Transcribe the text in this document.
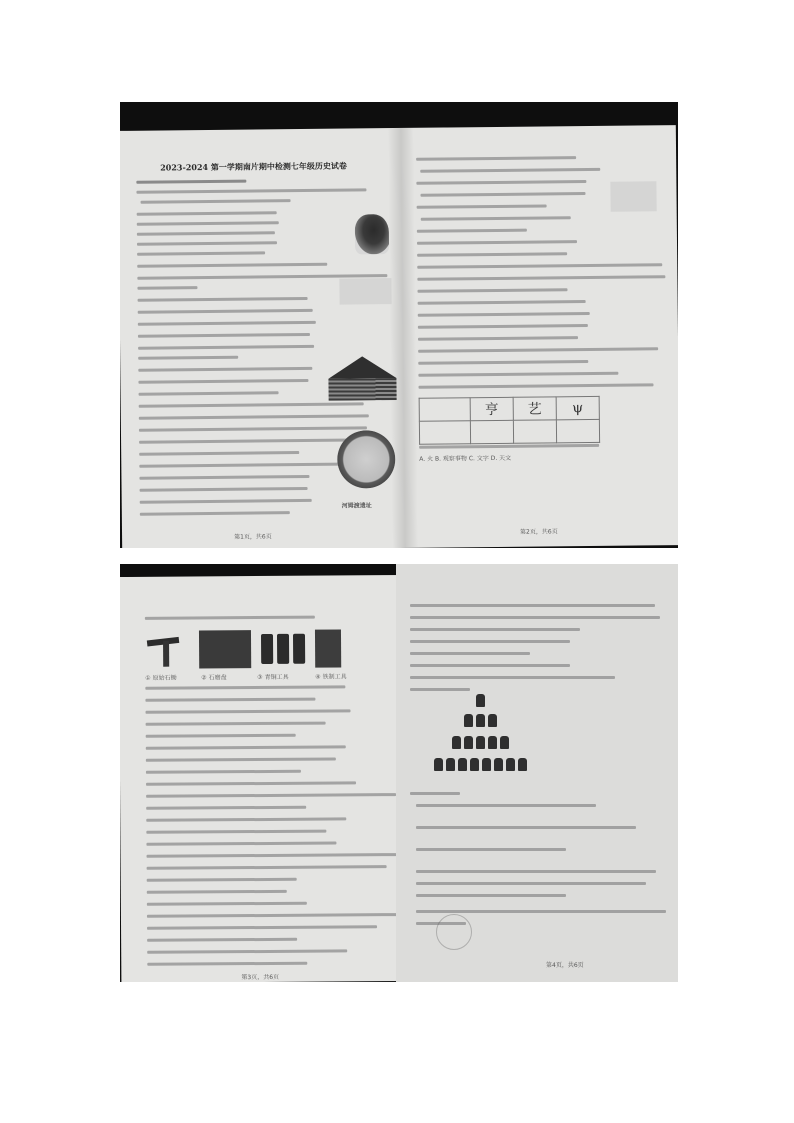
2023-2024 第一学期南片期中检测七年级历史试卷
河姆渡遗址
第1页，共6页
	亨	艺	ψ

A. 火 B. 观察事物 C. 文字 D. 天文
第2页，共6页
① 原始石锄	② 石磨盘	③ 青铜工具	④ 铁制工具
第3页，共6页
第4页，共6页
